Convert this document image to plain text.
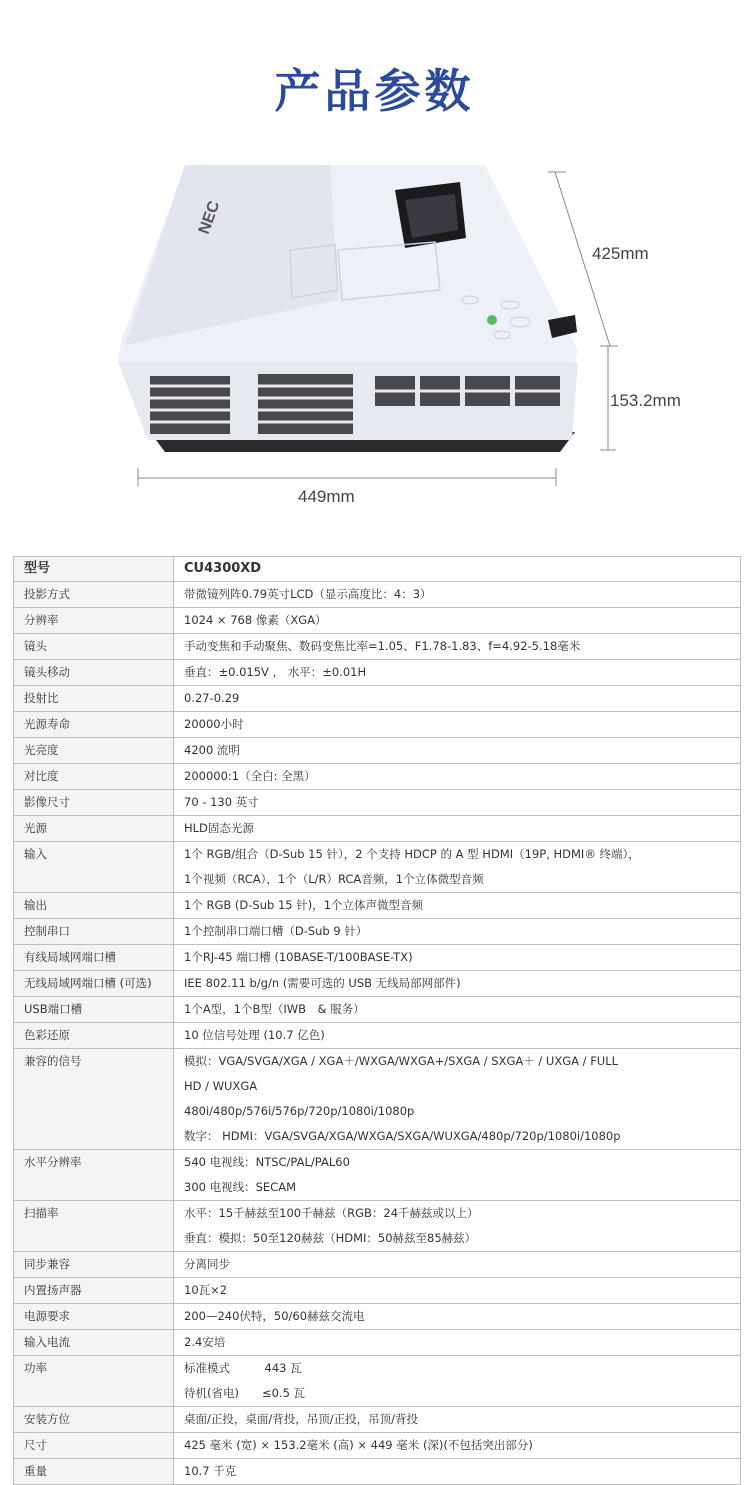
产品参数
NEC
425mm
153.2mm
449mm
型号	CU4300XD
投影方式	带微镜列阵0.79英寸LCD（显示高度比：4：3）

分辨率	1024 × 768 像素（XGA）

镜头	手动变焦和手动聚焦、数码变焦比率=1.05、F1.78-1.83、f=4.92-5.18毫米

镜头移动	垂直：±0.015V ， 水平：±0.01H

投射比	0.27-0.29

光源寿命	20000小时

光亮度	4200 流明

对比度	200000:1（全白: 全黑）

影像尺寸	70 - 130 英寸

光源	HLD固态光源

输入	1个 RGB/组合（D-Sub 15 针），2 个支持 HDCP 的 A 型 HDMI（19P, HDMI® 终端），
1个视频（RCA），1个（L/R）RCA音频，1个立体微型音频

输出	1个 RGB (D-Sub 15 针)，1个立体声微型音频

控制串口	1个控制串口端口槽（D-Sub 9 针）

有线局域网端口槽	1个RJ-45 端口槽 (10BASE-T/100BASE-TX)

无线局域网端口槽 (可选)	IEE 802.11 b/g/n (需要可选的 USB 无线局部网部件)

USB端口槽	1个A型，1个B型（IWB　& 服务）

色彩还原	10 位信号处理 (10.7 亿色)

兼容的信号	模拟：VGA/SVGA/XGA / XGA＋/WXGA/WXGA+/SXGA / SXGA＋ / UXGA / FULL
HD / WUXGA
480i/480p/576i/576p/720p/1080i/1080p
数字： HDMI：VGA/SVGA/XGA/WXGA/SXGA/WUXGA/480p/720p/1080i/1080p

水平分辨率	540 电视线：NTSC/PAL/PAL60
300 电视线：SECAM

扫描率	水平：15千赫兹至100千赫兹（RGB：24千赫兹或以上）
垂直：模拟：50至120赫兹（HDMI：50赫兹至85赫兹）

同步兼容	分离同步

内置扬声器	10瓦×2

电源要求	200—240伏特，50/60赫兹交流电

输入电流	2.4安培

功率	标准模式　　　443 瓦
待机(省电)　　≤0.5 瓦

安装方位	桌面/正投，桌面/背投，吊顶/正投，吊顶/背投

尺寸	425 毫米 (宽) × 153.2毫米 (高) × 449 毫米 (深)(不包括突出部分)

重量	10.7 千克
